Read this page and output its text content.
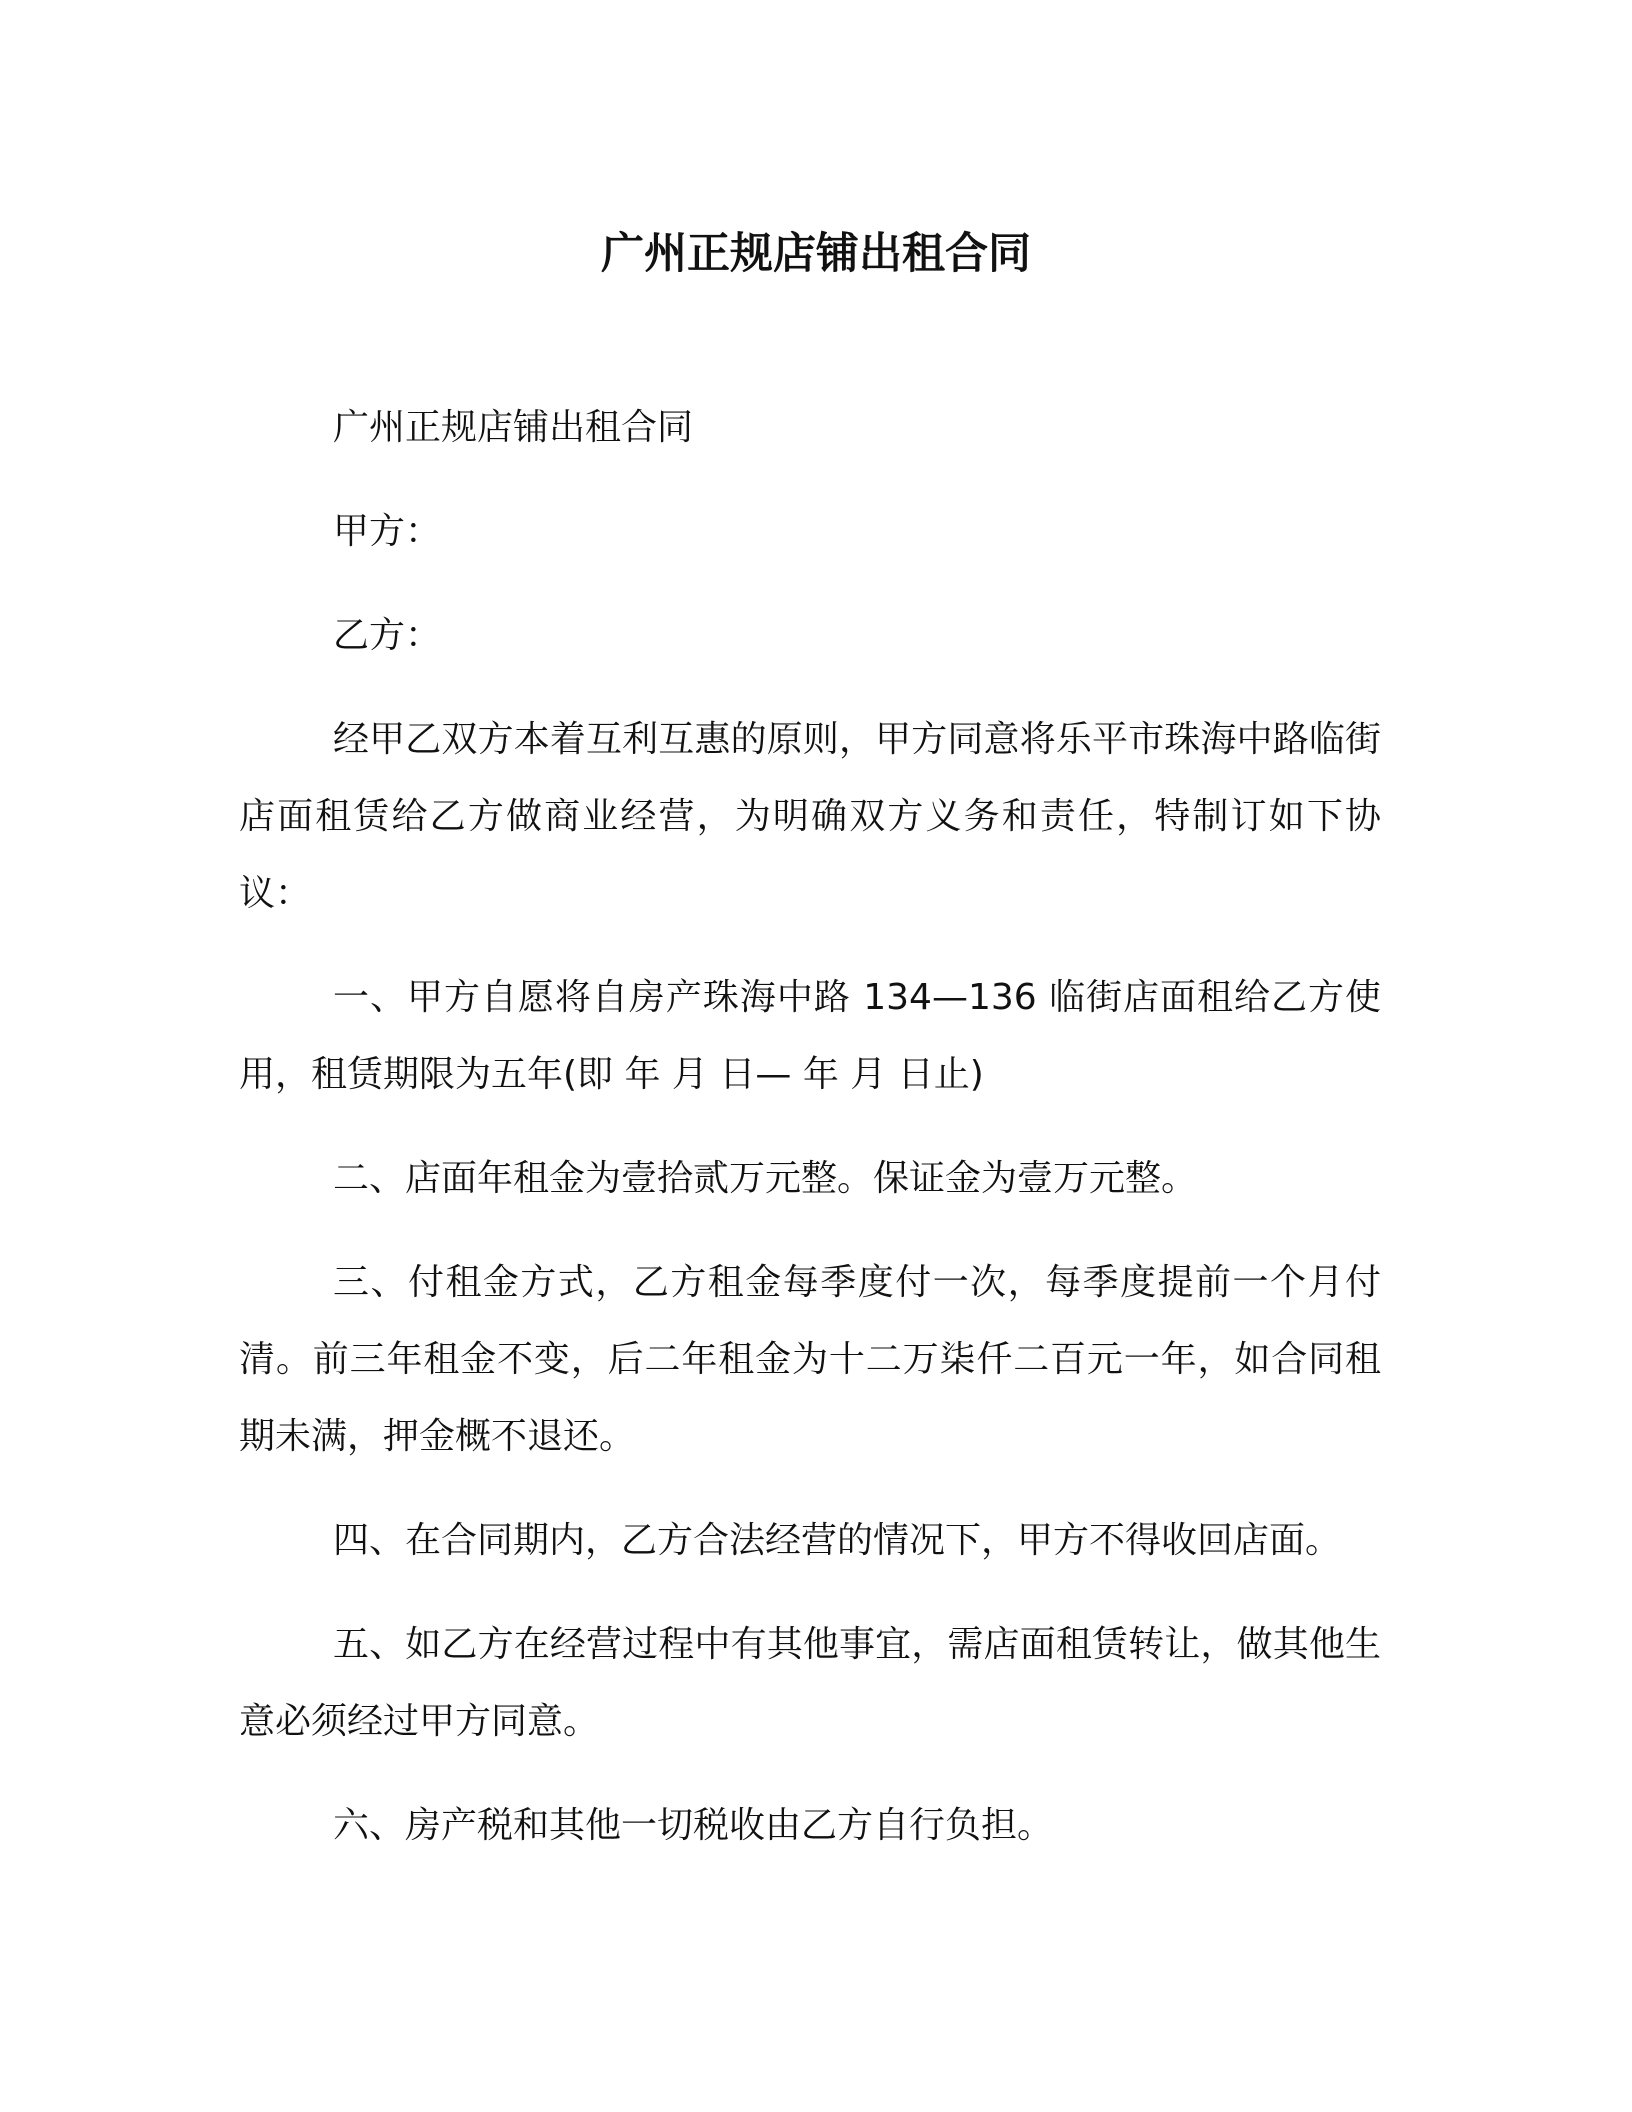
广州正规店铺出租合同

广州正规店铺出租合同

甲方：

乙方：

经甲乙双方本着互利互惠的原则，甲方同意将乐平市珠海中路临街店面租赁给乙方做商业经营，为明确双方义务和责任，特制订如下协议：

一、甲方自愿将自房产珠海中路 134—136 临街店面租给乙方使用，租赁期限为五年(即 年 月 日— 年 月 日止)

二、店面年租金为壹拾贰万元整。保证金为壹万元整。

三、付租金方式，乙方租金每季度付一次，每季度提前一个月付清。前三年租金不变，后二年租金为十二万柒仟二百元一年，如合同租期未满，押金概不退还。

四、在合同期内，乙方合法经营的情况下，甲方不得收回店面。

五、如乙方在经营过程中有其他事宜，需店面租赁转让，做其他生意必须经过甲方同意。

六、房产税和其他一切税收由乙方自行负担。
